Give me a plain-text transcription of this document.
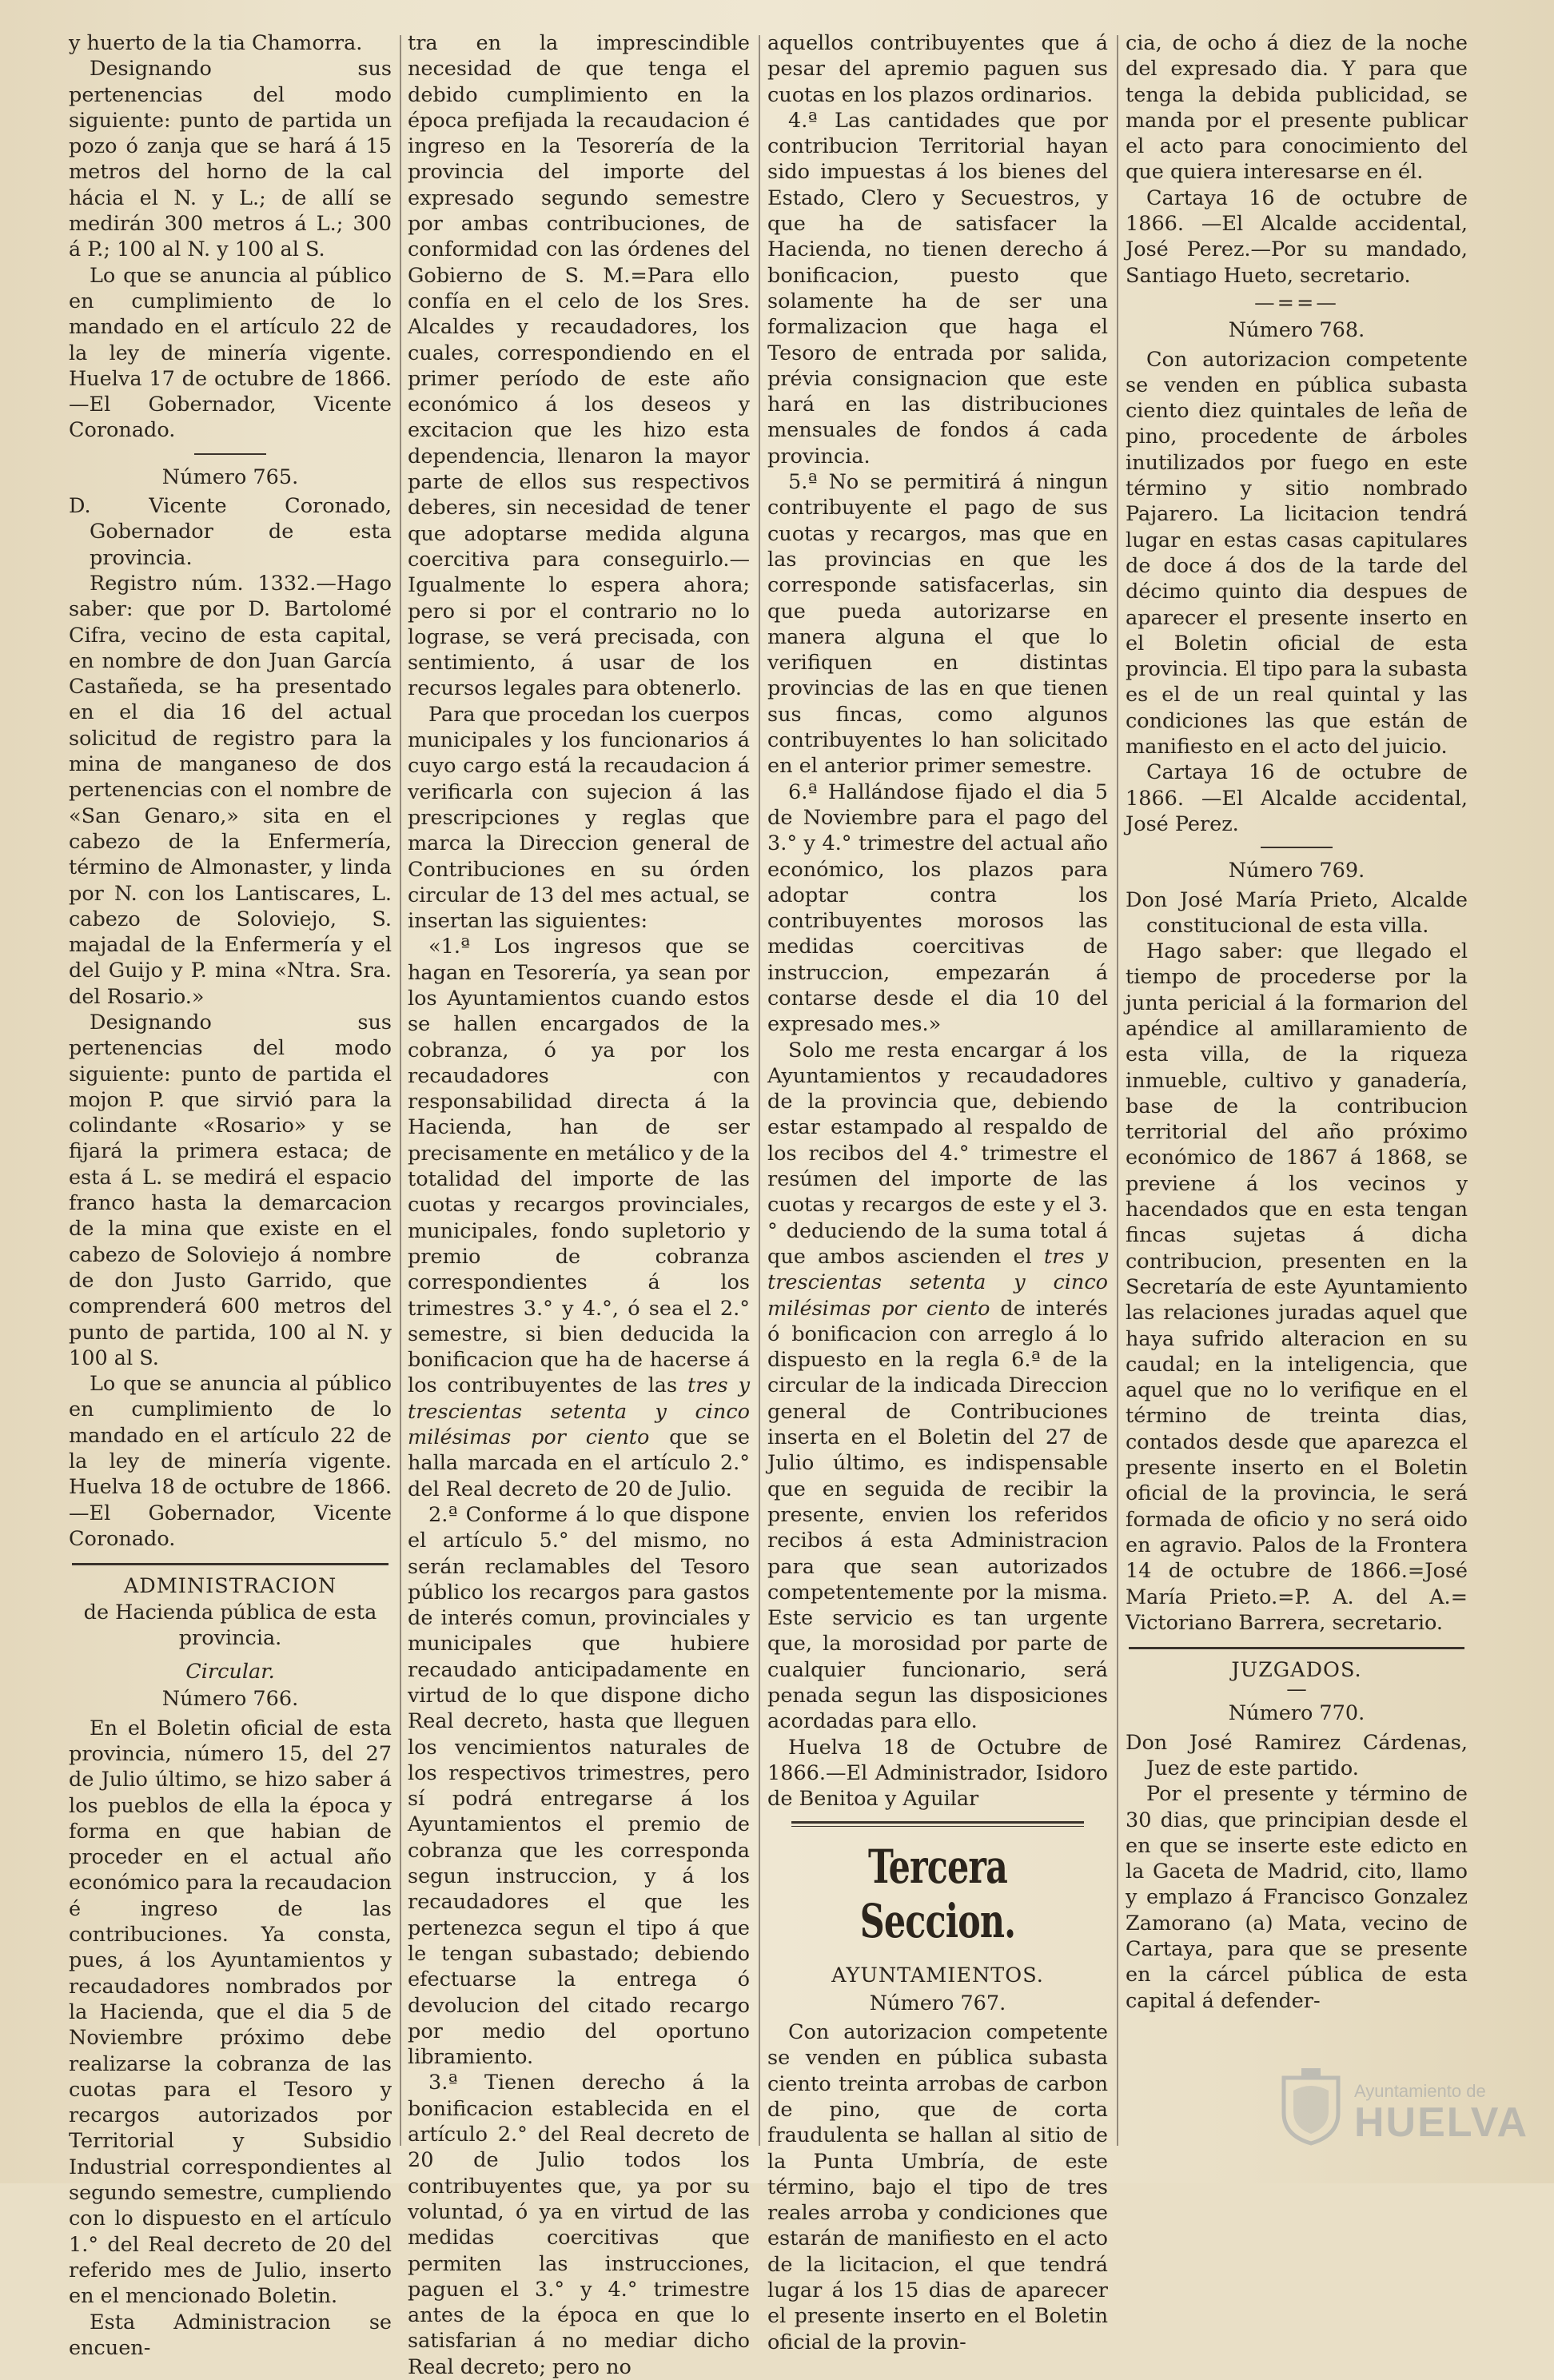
y huerto de la tia Chamorra.

Designando sus pertenencias del modo siguiente: punto de partida un pozo ó zanja que se hará á 15 metros del horno de la cal hácia el N. y L.; de allí se medirán 300 metros á L.; 300 á P.; 100 al N. y 100 al S.

Lo que se anuncia al público en cumplimiento de lo mandado en el artículo 22 de la ley de minería vigente. Huelva 17 de octubre de 1866.—El Gobernador, Vicente Coronado.

Número 765.

D. Vicente Coronado, Gobernador de esta provincia.

Registro núm. 1332.—Hago saber: que por D. Bartolomé Cifra, vecino de esta capital, en nombre de don Juan García Castañeda, se ha presentado en el dia 16 del actual solicitud de registro para la mina de manganeso de dos pertenencias con el nombre de «San Genaro,» sita en el cabezo de la Enfermería, término de Almonaster, y linda por N. con los Lantiscares, L. cabezo de Soloviejo, S. majadal de la Enfermería y el del Guijo y P. mina «Ntra. Sra. del Rosario.»

Designando sus pertenencias del modo siguiente: punto de partida el mojon P. que sirvió para la colindante «Rosario» y se fijará la primera estaca; de esta á L. se medirá el espacio franco hasta la demarcacion de la mina que existe en el cabezo de Soloviejo á nombre de don Justo Garrido, que comprenderá 600 metros del punto de partida, 100 al N. y 100 al S.

Lo que se anuncia al público en cumplimiento de lo mandado en el artículo 22 de la ley de minería vigente. Huelva 18 de octubre de 1866.—El Gobernador, Vicente Coronado.

ADMINISTRACION

de Hacienda pública de esta provincia.

Circular.

Número 766.

En el Boletin oficial de esta provincia, número 15, del 27 de Julio último, se hizo saber á los pueblos de ella la época y forma en que habian de proceder en el actual año económico para la recaudacion é ingreso de las contribuciones. Ya consta, pues, á los Ayuntamientos y recaudadores nombrados por la Hacienda, que el dia 5 de Noviembre próximo debe realizarse la cobranza de las cuotas para el Tesoro y recargos autorizados por Territorial y Subsidio Industrial correspondientes al segundo semestre, cumpliendo con lo dispuesto en el artículo 1.° del Real decreto de 20 del referido mes de Julio, inserto en el mencionado Boletin.

Esta Administracion se encuen-

tra en la imprescindible necesidad de que tenga el debido cumplimiento en la época prefijada la recaudacion é ingreso en la Tesorería de la provincia del importe del expresado segundo semestre por ambas contribuciones, de conformidad con las órdenes del Gobierno de S. M.=Para ello confía en el celo de los Sres. Alcaldes y recaudadores, los cuales, correspondiendo en el primer período de este año económico á los deseos y excitacion que les hizo esta dependencia, llenaron la mayor parte de ellos sus respectivos deberes, sin necesidad de tener que adoptarse medida alguna coercitiva para conseguirlo.—Igualmente lo espera ahora; pero si por el contrario no lo lograse, se verá precisada, con sentimiento, á usar de los recursos legales para obtenerlo.

Para que procedan los cuerpos municipales y los funcionarios á cuyo cargo está la recaudacion á verificarla con sujecion á las prescripciones y reglas que marca la Direccion general de Contribuciones en su órden circular de 13 del mes actual, se insertan las siguientes:

«1.ª Los ingresos que se hagan en Tesorería, ya sean por los Ayuntamientos cuando estos se hallen encargados de la cobranza, ó ya por los recaudadores con responsabilidad directa á la Hacienda, han de ser precisamente en metálico y de la totalidad del importe de las cuotas y recargos provinciales, municipales, fondo supletorio y premio de cobranza correspondientes á los trimestres 3.° y 4.°, ó sea el 2.° semestre, si bien deducida la bonificacion que ha de hacerse á los contribuyentes de las tres y trescientas setenta y cinco milésimas por ciento que se halla marcada en el artículo 2.° del Real decreto de 20 de Julio.

2.ª Conforme á lo que dispone el artículo 5.° del mismo, no serán reclamables del Tesoro público los recargos para gastos de interés comun, provinciales y municipales que hubiere recaudado anticipadamente en virtud de lo que dispone dicho Real decreto, hasta que lleguen los vencimientos naturales de los respectivos trimestres, pero sí podrá entregarse á los Ayuntamientos el premio de cobranza que les corresponda segun instruccion, y á los recaudadores el que les pertenezca segun el tipo á que le tengan subastado; debiendo efectuarse la entrega ó devolucion del citado recargo por medio del oportuno libramiento.

3.ª Tienen derecho á la bonificacion establecida en el artículo 2.° del Real decreto de 20 de Julio todos los contribuyentes que, ya por su voluntad, ó ya en virtud de las medidas coercitivas que permiten las instrucciones, paguen el 3.° y 4.° trimestre antes de la época en que lo satisfarian á no mediar dicho Real decreto; pero no

aquellos contribuyentes que á pesar del apremio paguen sus cuotas en los plazos ordinarios.

4.ª Las cantidades que por contribucion Territorial hayan sido impuestas á los bienes del Estado, Clero y Secuestros, y que ha de satisfacer la Hacienda, no tienen derecho á bonificacion, puesto que solamente ha de ser una formalizacion que haga el Tesoro de entrada por salida, prévia consignacion que este hará en las distribuciones mensuales de fondos á cada provincia.

5.ª No se permitirá á ningun contribuyente el pago de sus cuotas y recargos, mas que en las provincias en que les corresponde satisfacerlas, sin que pueda autorizarse en manera alguna el que lo verifiquen en distintas provincias de las en que tienen sus fincas, como algunos contribuyentes lo han solicitado en el anterior primer semestre.

6.ª Hallándose fijado el dia 5 de Noviembre para el pago del 3.° y 4.° trimestre del actual año económico, los plazos para adoptar contra los contribuyentes morosos las medidas coercitivas de instruccion, empezarán á contarse desde el dia 10 del expresado mes.»

Solo me resta encargar á los Ayuntamientos y recaudadores de la provincia que, debiendo estar estampado al respaldo de los recibos del 4.° trimestre el resúmen del importe de las cuotas y recargos de este y el 3.° deduciendo de la suma total á que ambos ascienden el tres y trescientas setenta y cinco milésimas por ciento de interés ó bonificacion con arreglo á lo dispuesto en la regla 6.ª de la circular de la indicada Direccion general de Contribuciones inserta en el Boletin del 27 de Julio último, es indispensable que en seguida de recibir la presente, envien los referidos recibos á esta Administracion para que sean autorizados competentemente por la misma. Este servicio es tan urgente que, la morosidad por parte de cualquier funcionario, será penada segun las disposiciones acordadas para ello.

Huelva 18 de Octubre de 1866.—El Administrador, Isidoro de Benitoa y Aguilar

Tercera Seccion.

AYUNTAMIENTOS.

Número 767.

Con autorizacion competente se venden en pública subasta ciento treinta arrobas de carbon de pino, que de corta fraudulenta se hallan al sitio de la Punta Umbría, de este término, bajo el tipo de tres reales arroba y condiciones que estarán de manifiesto en el acto de la licitacion, el que tendrá lugar á los 15 dias de aparecer el presente inserto en el Boletin oficial de la provin-

cia, de ocho á diez de la noche del expresado dia. Y para que tenga la debida publicidad, se manda por el presente publicar el acto para conocimiento del que quiera interesarse en él.

Cartaya 16 de octubre de 1866. —El Alcalde accidental, José Perez.—Por su mandado, Santiago Hueto, secretario.

—==—

Número 768.

Con autorizacion competente se venden en pública subasta ciento diez quintales de leña de pino, procedente de árboles inutilizados por fuego en este término y sitio nombrado Pajarero. La licitacion tendrá lugar en estas casas capitulares de doce á dos de la tarde del décimo quinto dia despues de aparecer el presente inserto en el Boletin oficial de esta provincia. El tipo para la subasta es el de un real quintal y las condiciones las que están de manifiesto en el acto del juicio.

Cartaya 16 de octubre de 1866. —El Alcalde accidental, José Perez.

Número 769.

Don José María Prieto, Alcalde constitucional de esta villa.

Hago saber: que llegado el tiempo de procederse por la junta pericial á la formarion del apéndice al amillaramiento de esta villa, de la riqueza inmueble, cultivo y ganadería, base de la contribucion territorial del año próximo económico de 1867 á 1868, se previene á los vecinos y hacendados que en esta tengan fincas sujetas á dicha contribucion, presenten en la Secretaría de este Ayuntamiento las relaciones juradas aquel que haya sufrido alteracion en su caudal; en la inteligencia, que aquel que no lo verifique en el término de treinta dias, contados desde que aparezca el presente inserto en el Boletin oficial de la provincia, le será formada de oficio y no será oido en agravio. Palos de la Frontera 14 de octubre de 1866.=José María Prieto.=P. A. del A.= Victoriano Barrera, secretario.

JUZGADOS.

—

Número 770.

Don José Ramirez Cárdenas, Juez de este partido.

Por el presente y término de 30 dias, que principian desde el en que se inserte este edicto en la Gaceta de Madrid, cito, llamo y emplazo á Francisco Gonzalez Zamorano (a) Mata, vecino de Cartaya, para que se presente en la cárcel pública de esta capital á defender-

Ayuntamiento de
HUELVA
